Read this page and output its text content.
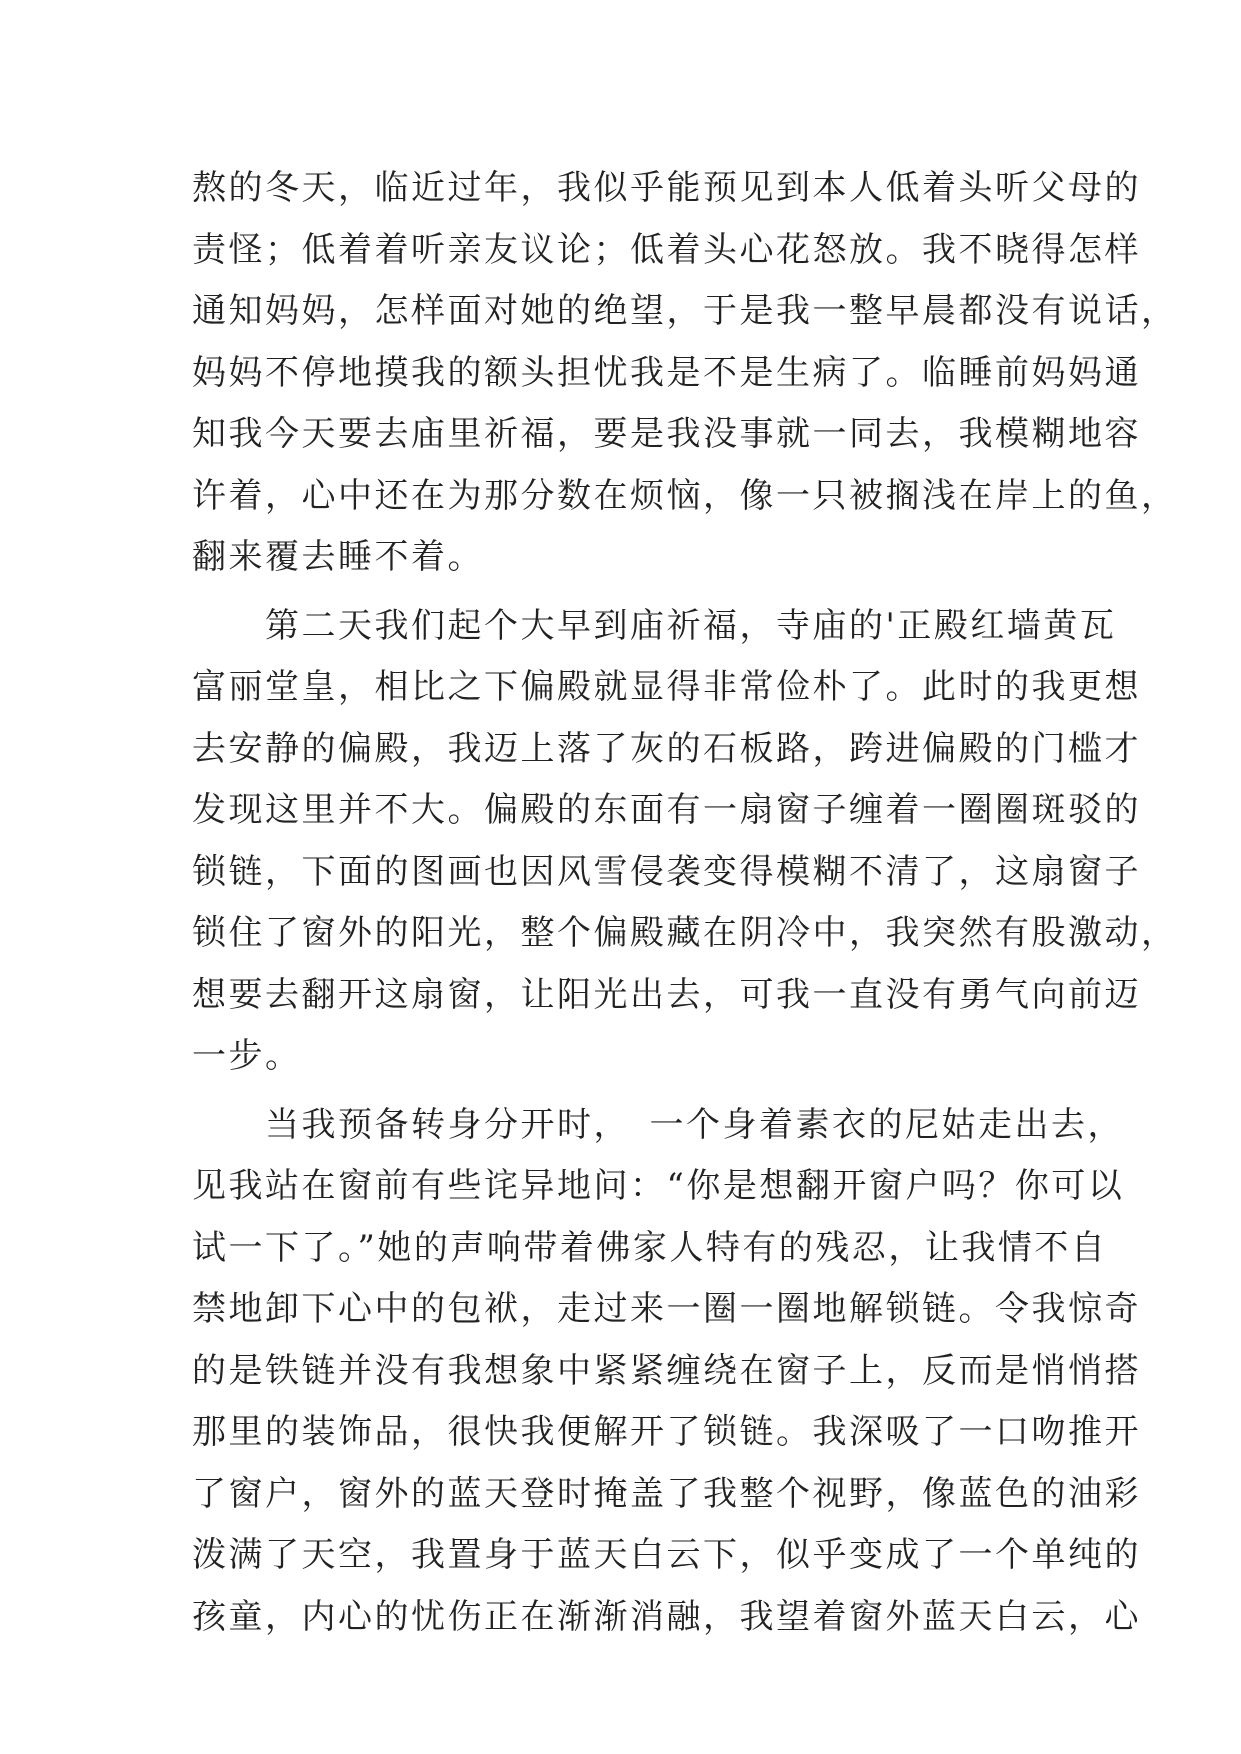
熬的冬天，临近过年，我似乎能预见到本人低着头听父母的
责怪；低着着听亲友议论；低着头心花怒放。我不晓得怎样
通知妈妈，怎样面对她的绝望，于是我一整早晨都没有说话，
妈妈不停地摸我的额头担忧我是不是生病了。临睡前妈妈通
知我今天要去庙里祈福，要是我没事就一同去，我模糊地容
许着，心中还在为那分数在烦恼，像一只被搁浅在岸上的鱼，
翻来覆去睡不着。
　　第二天我们起个大早到庙祈福，寺庙的'正殿红墙黄瓦
富丽堂皇，相比之下偏殿就显得非常俭朴了。此时的我更想
去安静的偏殿，我迈上落了灰的石板路，跨进偏殿的门槛才
发现这里并不大。偏殿的东面有一扇窗子缠着一圈圈斑驳的
锁链，下面的图画也因风雪侵袭变得模糊不清了，这扇窗子
锁住了窗外的阳光，整个偏殿藏在阴冷中，我突然有股激动，
想要去翻开这扇窗，让阳光出去，可我一直没有勇气向前迈
一步。
　　当我预备转身分开时，　一个身着素衣的尼姑走出去，
见我站在窗前有些诧异地问：“你是想翻开窗户吗？你可以
试一下了。”她的声响带着佛家人特有的残忍，让我情不自
禁地卸下心中的包袱，走过来一圈一圈地解锁链。令我惊奇
的是铁链并没有我想象中紧紧缠绕在窗子上，反而是悄悄搭
那里的装饰品，很快我便解开了锁链。我深吸了一口吻推开
了窗户，窗外的蓝天登时掩盖了我整个视野，像蓝色的油彩
泼满了天空，我置身于蓝天白云下，似乎变成了一个单纯的
孩童，内心的忧伤正在渐渐消融，我望着窗外蓝天白云，心
